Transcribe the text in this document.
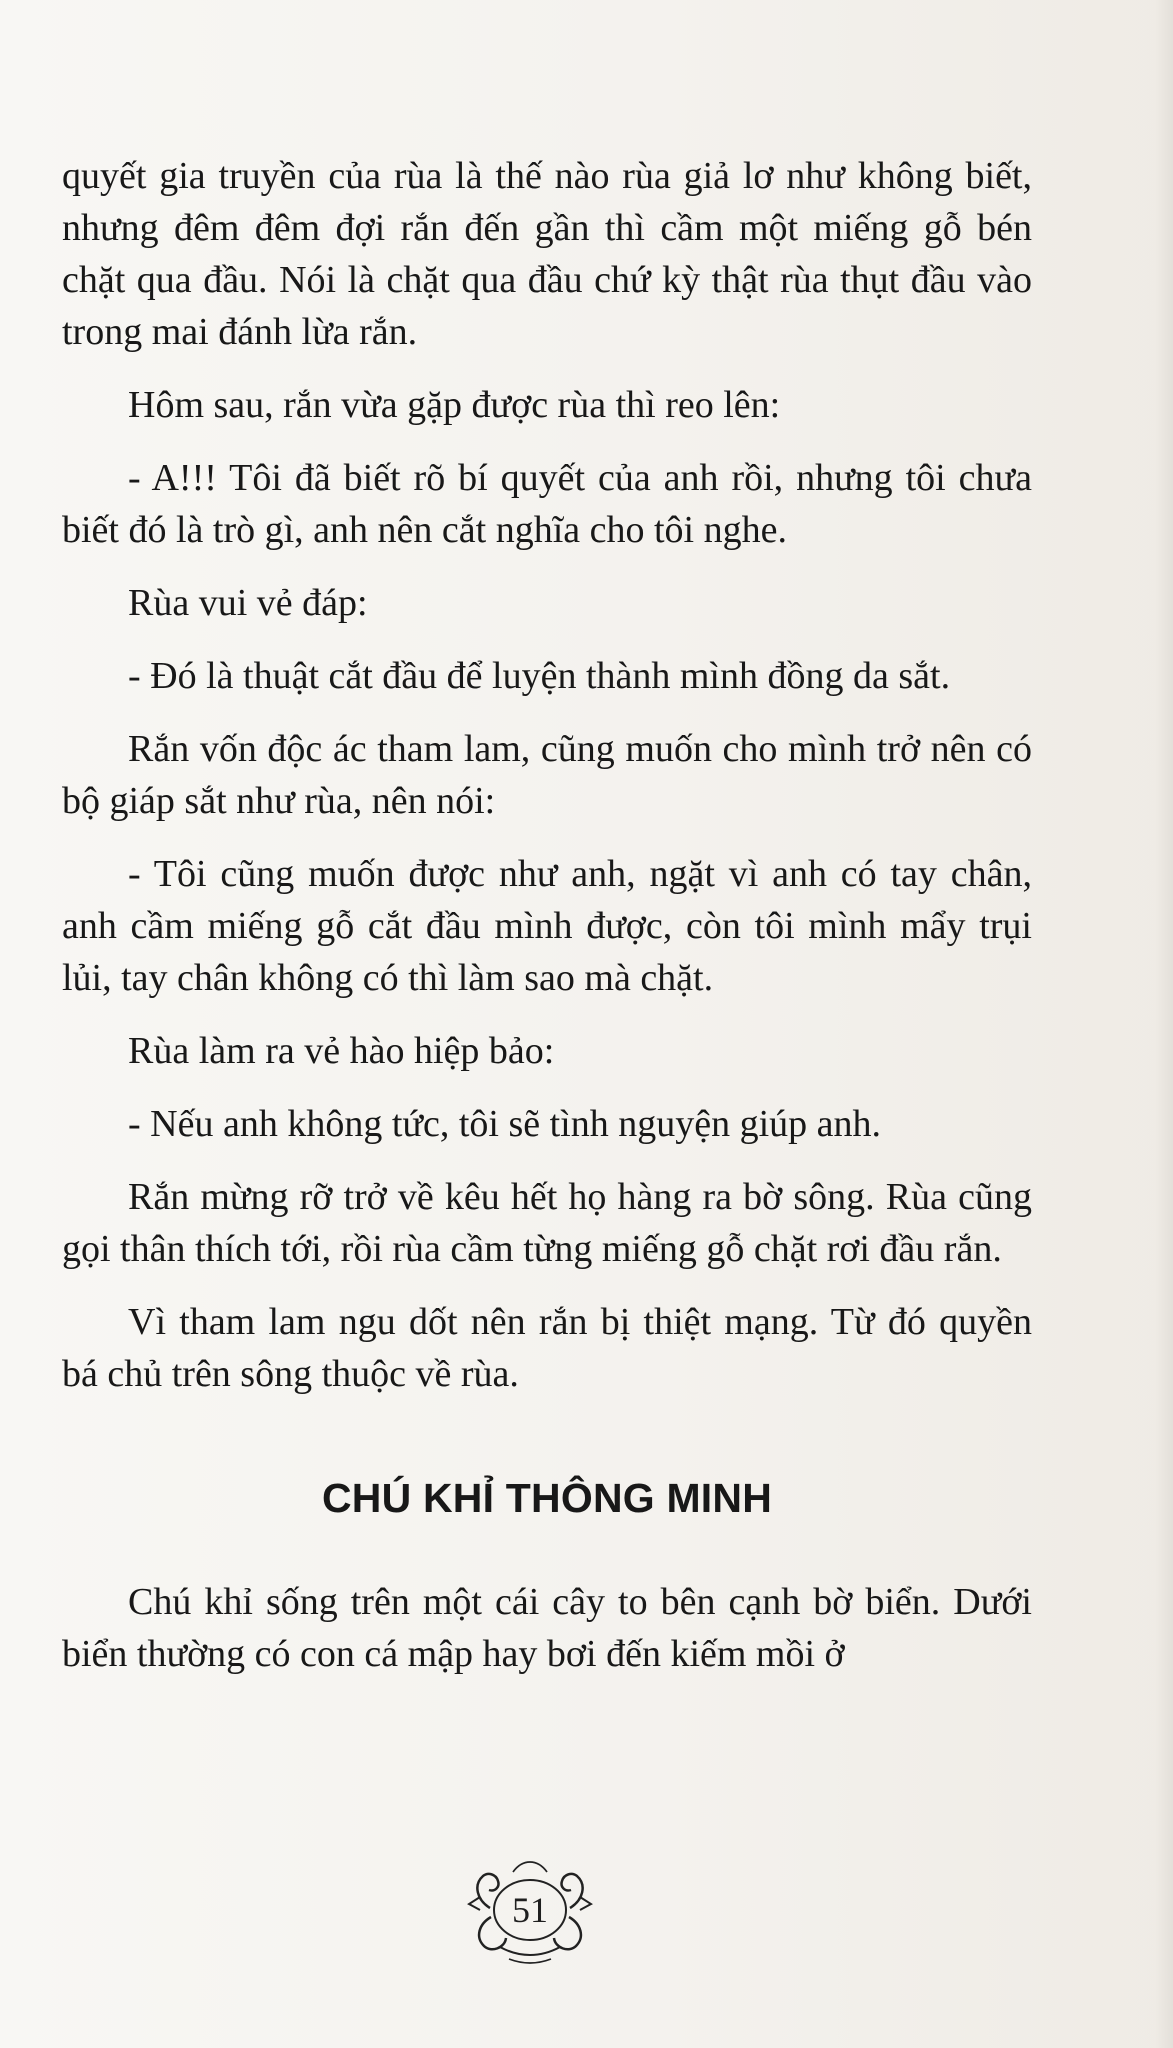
quyết gia truyền của rùa là thế nào rùa giả lơ như không biết, nhưng đêm đêm đợi rắn đến gần thì cầm một miếng gỗ bén chặt qua đầu. Nói là chặt qua đầu chứ kỳ thật rùa thụt đầu vào trong mai đánh lừa rắn.

Hôm sau, rắn vừa gặp được rùa thì reo lên:

- A!!! Tôi đã biết rõ bí quyết của anh rồi, nhưng tôi chưa biết đó là trò gì, anh nên cắt nghĩa cho tôi nghe.

Rùa vui vẻ đáp:

- Đó là thuật cắt đầu để luyện thành mình đồng da sắt.

Rắn vốn độc ác tham lam, cũng muốn cho mình trở nên có bộ giáp sắt như rùa, nên nói:

- Tôi cũng muốn được như anh, ngặt vì anh có tay chân, anh cầm miếng gỗ cắt đầu mình được, còn tôi mình mẩy trụi lủi, tay chân không có thì làm sao mà chặt.

Rùa làm ra vẻ hào hiệp bảo:

- Nếu anh không tức, tôi sẽ tình nguyện giúp anh.

Rắn mừng rỡ trở về kêu hết họ hàng ra bờ sông. Rùa cũng gọi thân thích tới, rồi rùa cầm từng miếng gỗ chặt rơi đầu rắn.

Vì tham lam ngu dốt nên rắn bị thiệt mạng. Từ đó quyền bá chủ trên sông thuộc về rùa.

CHÚ KHỈ THÔNG MINH

Chú khỉ sống trên một cái cây to bên cạnh bờ biển. Dưới biển thường có con cá mập hay bơi đến kiếm mồi ở

51
